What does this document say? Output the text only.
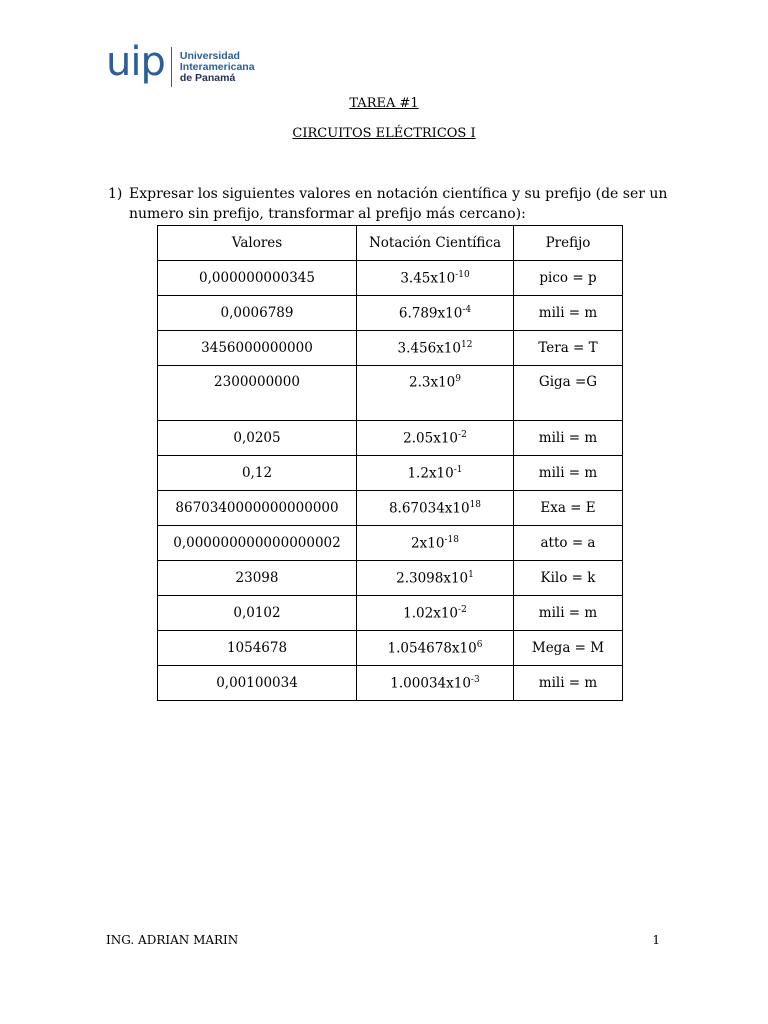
uip Universidad
Interamericana
de Panamá
TAREA #1
CIRCUITOS ELÉCTRICOS I
1) Expresar los siguientes valores en notación científica y su prefijo (de ser un numero sin prefijo, transformar al prefijo más cercano):
Valores	Notación Científica	Prefijo
0,000000000345	$3.45x10^{-10}$	pico = p
0,0006789	$6.789x10^{-4}$	mili = m
3456000000000	$3.456x10^{12}$	Tera = T
2300000000	$2.3x10^9$	Giga =G
0,0205	$2.05x10^{-2}$	mili = m
0,12	$1.2x10^{-1}$	mili = m
8670340000000000000	$8.67034x10^{18}$	Exa = E
0,000000000000000002	$2x10^{-18}$	atto = a
23098	$2.3098x10^1$	Kilo = k
0,0102	$1.02x10^{-2}$	mili = m
1054678	$1.054678x10^6$	Mega = M
0,00100034	$1.00034x10^{-3}$	mili = m
ING. ADRIAN MARIN	1
